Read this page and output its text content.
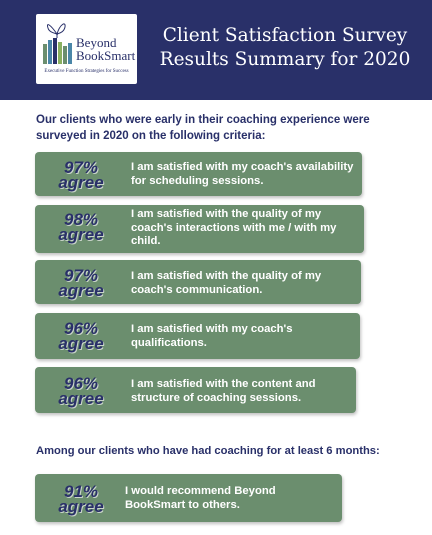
Beyond
BookSmart
Executive Function Strategies for Success
Client Satisfaction Survey
Results Summary for 2020
Our clients who were early in their coaching experience were surveyed in 2020 on the following criteria:
97%
agree
I am satisfied with my coach's availability for scheduling sessions.
98%
agree
I am satisfied with the quality of my coach's interactions with me / with my child.
97%
agree
I am satisfied with the quality of my coach's communication.
96%
agree
I am satisfied with my coach's qualifications.
96%
agree
I am satisfied with the content and structure of coaching sessions.
Among our clients who have had coaching for at least 6 months:
91%
agree
I would recommend Beyond BookSmart to others.
